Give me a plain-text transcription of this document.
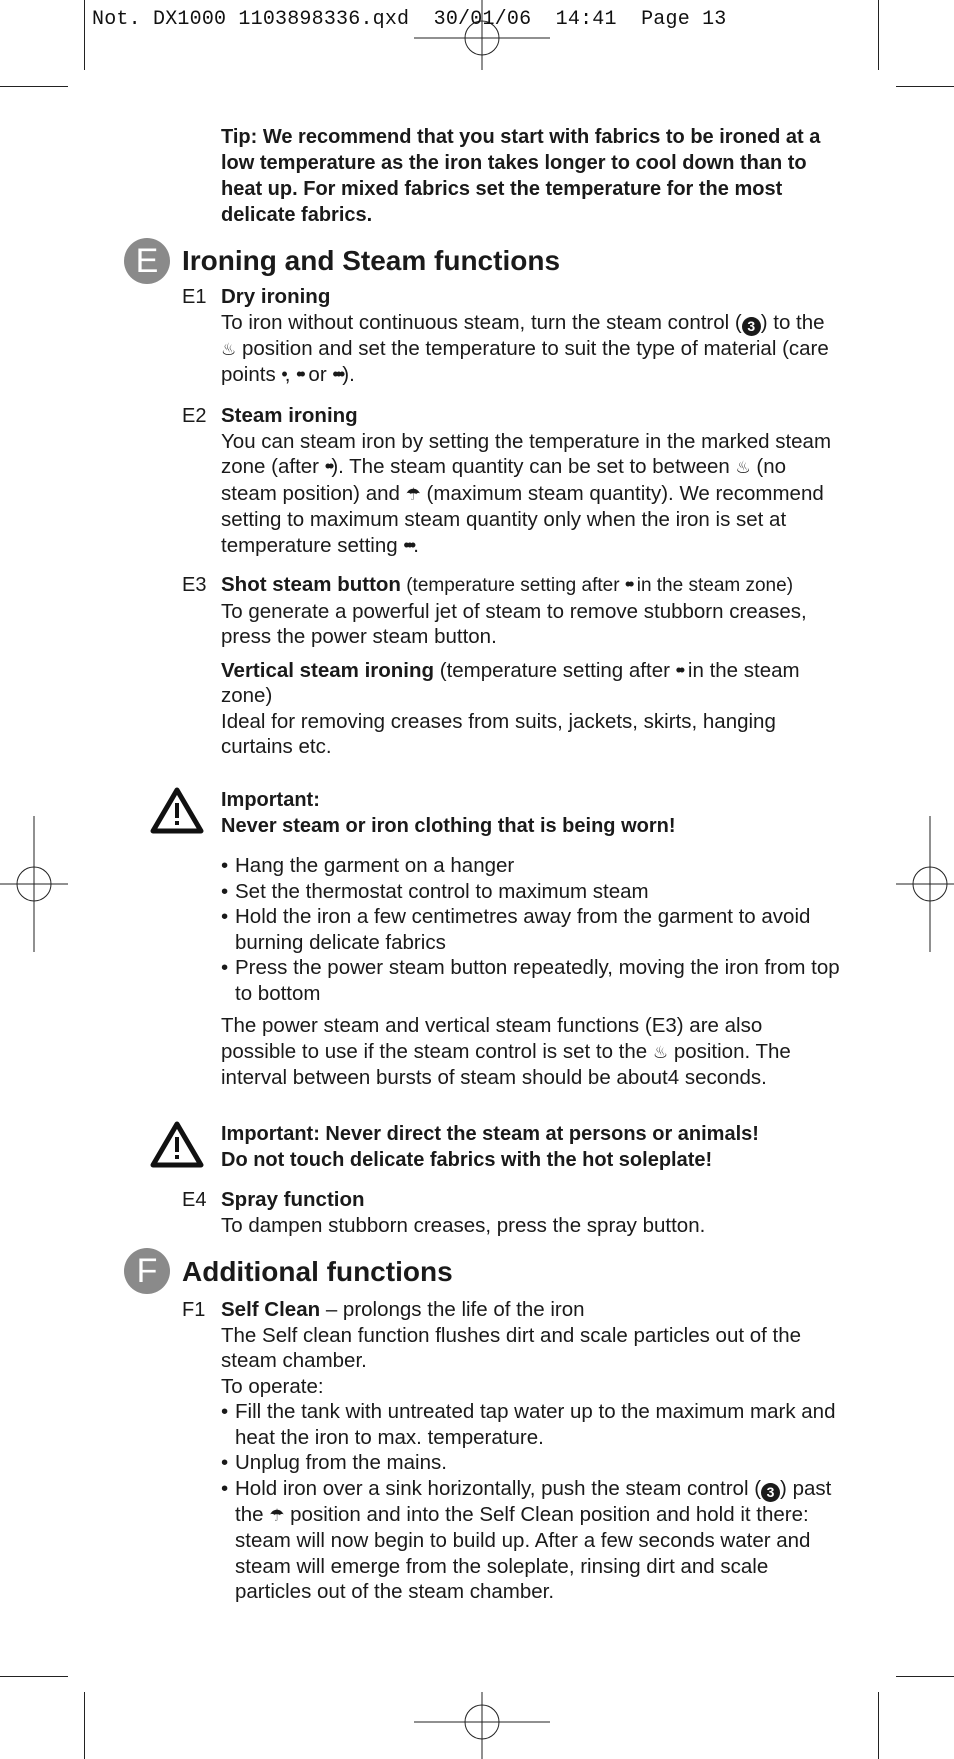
Not. DX1000 1103898336.qxd  30/01/06  14:41  Page 13
Tip: We recommend that you start with fabrics to be ironed at a low temperature as the iron takes longer to cool down than to heat up. For mixed fabrics set the temperature for the most delicate fabrics.
E Ironing and Steam functions
E1 Dry ironing

To iron without continuous steam, turn the steam control ( 3 ) to the ♨ position and set the temperature to suit the type of material (care points •, •• or •••).

E2 Steam ironing

You can steam iron by setting the temperature in the marked steam zone (after ••). The steam quantity can be set to between ♨ (no steam position) and ☂ (maximum steam quantity). We recommend setting to maximum steam quantity only when the iron is set at temperature setting •••.

E3 Shot steam button (temperature setting after •• in the steam zone)

To generate a powerful jet of steam to remove stubborn creases, press the power steam button.

Vertical steam ironing (temperature setting after •• in the steam zone)

Ideal for removing creases from suits, jackets, skirts, hanging curtains etc.

Important:
Never steam or iron clothing that is being worn!
• Hang the garment on a hanger
• Set the thermostat control to maximum steam
• Hold the iron a few centimetres away from the garment to avoid burning delicate fabrics
• Press the power steam button repeatedly, moving the iron from top to bottom
The power steam and vertical steam functions (E3) are also possible to use if the steam control is set to the ♨ position. The interval between bursts of steam should be about4 seconds.
Important: Never direct the steam at persons or animals!
Do not touch delicate fabrics with the hot soleplate!
E4 Spray function

To dampen stubborn creases, press the spray button.

F Additional functions
F1 Self Clean – prolongs the life of the iron

The Self clean function flushes dirt and scale particles out of the steam chamber.

To operate:

• Fill the tank with untreated tap water up to the maximum mark and heat the iron to max. temperature.
• Unplug from the mains.
• Hold iron over a sink horizontally, push the steam control ( 3 ) past the ☂ position and into the Self Clean position and hold it there: steam will now begin to build up. After a few seconds water and steam will emerge from the soleplate, rinsing dirt and scale particles out of the steam chamber.
